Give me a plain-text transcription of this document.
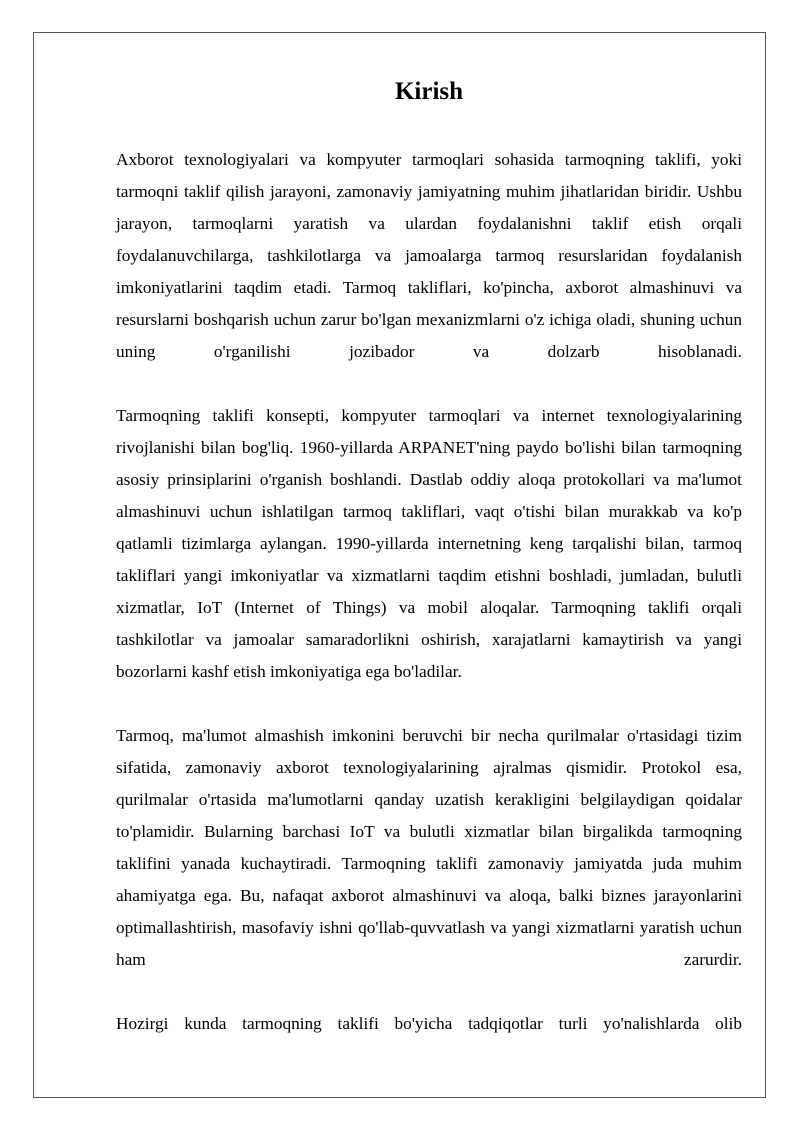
Kirish

Axborot texnologiyalari va kompyuter tarmoqlari sohasida tarmoqning taklifi, yoki tarmoqni taklif qilish jarayoni, zamonaviy jamiyatning muhim jihatlaridan biridir. Ushbu jarayon, tarmoqlarni yaratish va ulardan foydalanishni taklif etish orqali foydalanuvchilarga, tashkilotlarga va jamoalarga tarmoq resurslaridan foydalanish imkoniyatlarini taqdim etadi. Tarmoq takliflari, ko'pincha, axborot almashinuvi va resurslarni boshqarish uchun zarur bo'lgan mexanizmlarni o'z ichiga oladi, shuning uchun uning o'rganilishi jozibador va dolzarb hisoblanadi.

Tarmoqning taklifi konsepti, kompyuter tarmoqlari va internet texnologiyalarining rivojlanishi bilan bog'liq. 1960-yillarda ARPANET'ning paydo bo'lishi bilan tarmoqning asosiy prinsiplarini o'rganish boshlandi. Dastlab oddiy aloqa protokollari va ma'lumot almashinuvi uchun ishlatilgan tarmoq takliflari, vaqt o'tishi bilan murakkab va ko'p qatlamli tizimlarga aylangan. 1990-yillarda internetning keng tarqalishi bilan, tarmoq takliflari yangi imkoniyatlar va xizmatlarni taqdim etishni boshladi, jumladan, bulutli xizmatlar, IoT (Internet of Things) va mobil aloqalar. Tarmoqning taklifi orqali tashkilotlar va jamoalar samaradorlikni oshirish, xarajatlarni kamaytirish va yangi bozorlarni kashf etish imkoniyatiga ega bo'ladilar.

Tarmoq, ma'lumot almashish imkonini beruvchi bir necha qurilmalar o'rtasidagi tizim sifatida, zamonaviy axborot texnologiyalarining ajralmas qismidir. Protokol esa, qurilmalar o'rtasida ma'lumotlarni qanday uzatish kerakligini belgilaydigan qoidalar to'plamidir. Bularning barchasi IoT va bulutli xizmatlar bilan birgalikda tarmoqning taklifini yanada kuchaytiradi. Tarmoqning taklifi zamonaviy jamiyatda juda muhim ahamiyatga ega. Bu, nafaqat axborot almashinuvi va aloqa, balki biznes jarayonlarini optimallashtirish, masofaviy ishni qo'llab-quvvatlash va yangi xizmatlarni yaratish uchun ham zarurdir.

Hozirgi kunda tarmoqning taklifi bo'yicha tadqiqotlar turli yo'nalishlarda olib
